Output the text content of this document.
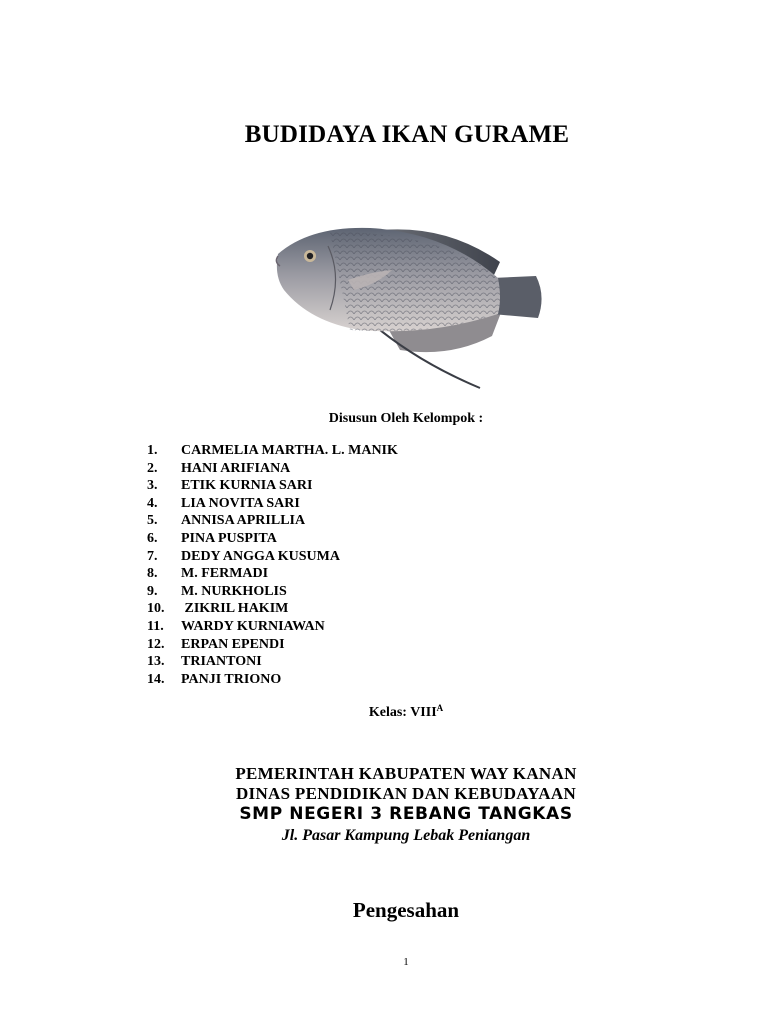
BUDIDAYA IKAN GURAME
Disusun Oleh Kelompok :
1. CARMELIA MARTHA. L. MANIK
2. HANI ARIFIANA
3. ETIK KURNIA SARI
4. LIA NOVITA SARI
5. ANNISA APRILLIA
6. PINA PUSPITA
7. DEDY ANGGA KUSUMA
8. M. FERMADI
9. M. NURKHOLIS
10. ZIKRIL HAKIM
11. WARDY KURNIAWAN
12. ERPAN EPENDI
13. TRIANTONI
14. PANJI TRIONO
Kelas: $VIII^A$
PEMERINTAH KABUPATEN WAY KANAN
DINAS PENDIDIKAN DAN KEBUDAYAAN
SMP NEGERI 3 REBANG TANGKAS
Jl. Pasar Kampung Lebak Peniangan
Pengesahan
1
